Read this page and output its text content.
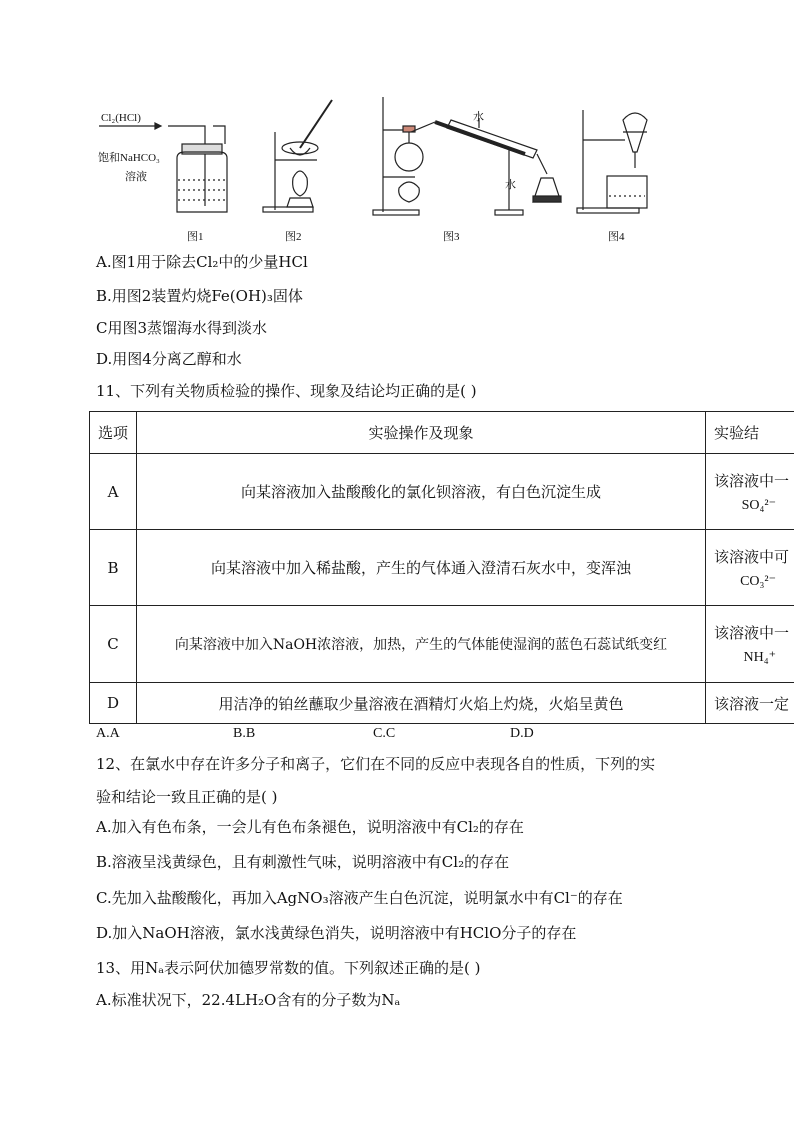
Cl₂(HCl)
饱和NaHCO₃
溶液
水
水
图1	图2	图3	图4
A.图1用于除去Cl₂中的少量HCl
B.用图2装置灼烧Fe(OH)₃固体
C用图3蒸馏海水得到淡水
D.用图4分离乙醇和水
11、下列有关物质检验的操作、现象及结论均正确的是( )
选项	实验操作及现象	实验结
A	向某溶液加入盐酸酸化的氯化钡溶液，有白色沉淀生成	该溶液中一
SO₄²⁻

B	向某溶液中加入稀盐酸，产生的气体通入澄清石灰水中，变浑浊	该溶液中可
CO₃²⁻

C	向某溶液中加入NaOH浓溶液，加热，产生的气体能使湿润的蓝色石蕊试纸变红	该溶液中一
NH₄⁺

D	用洁净的铂丝蘸取少量溶液在酒精灯火焰上灼烧，火焰呈黄色	该溶液一定
A.A	B.B	C.C	D.D
12、在氯水中存在许多分子和离子，它们在不同的反应中表现各自的性质，下列的实
验和结论一致且正确的是( )
A.加入有色布条，一会儿有色布条褪色，说明溶液中有Cl₂的存在
B.溶液呈浅黄绿色，且有刺激性气味，说明溶液中有Cl₂的存在
C.先加入盐酸酸化，再加入AgNO₃溶液产生白色沉淀，说明氯水中有Cl⁻的存在
D.加入NaOH溶液，氯水浅黄绿色消失，说明溶液中有HClO分子的存在
13、用Nₐ表示阿伏加德罗常数的值。下列叙述正确的是( )
A.标准状况下，22.4LH₂O含有的分子数为Nₐ
